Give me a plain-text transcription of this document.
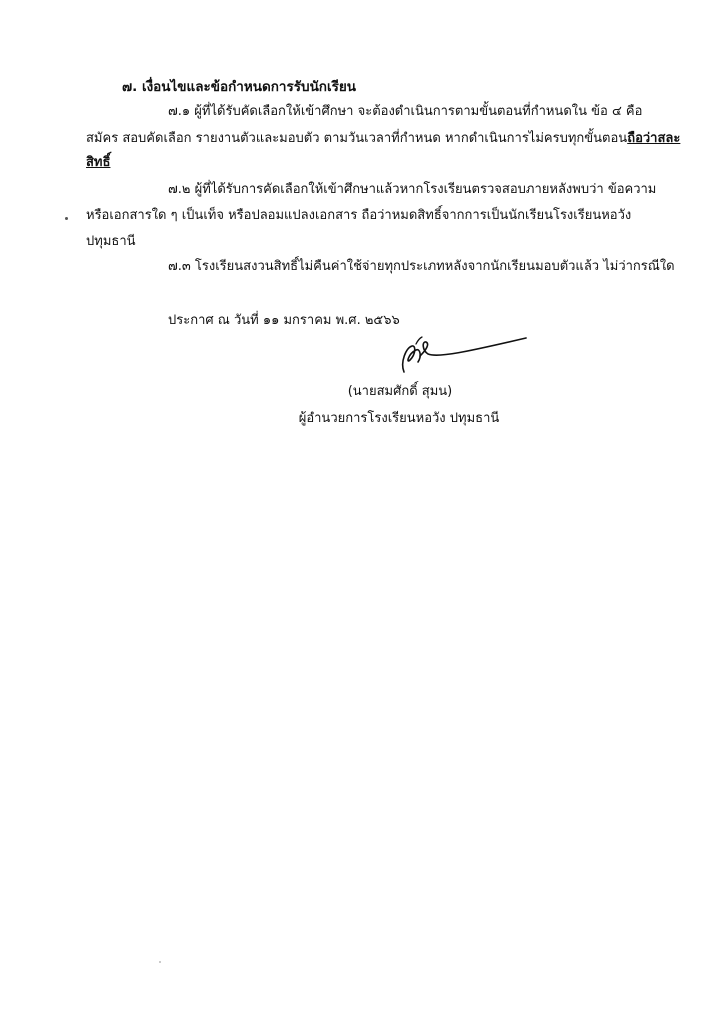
๗. เงื่อนไขและข้อกำหนดการรับนักเรียน
๗.๑ ผู้ที่ได้รับคัดเลือกให้เข้าศึกษา จะต้องดำเนินการตามขั้นตอนที่กำหนดใน ข้อ ๔ คือ
สมัคร สอบคัดเลือก รายงานตัวและมอบตัว ตามวันเวลาที่กำหนด หากดำเนินการไม่ครบทุกขั้นตอนถือว่าสละ
สิทธิ์
๗.๒ ผู้ที่ได้รับการคัดเลือกให้เข้าศึกษาแล้วหากโรงเรียนตรวจสอบภายหลังพบว่า ข้อความ
หรือเอกสารใด ๆ เป็นเท็จ หรือปลอมแปลงเอกสาร ถือว่าหมดสิทธิ์จากการเป็นนักเรียนโรงเรียนหอวัง
ปทุมธานี
๗.๓ โรงเรียนสงวนสิทธิ์ไม่คืนค่าใช้จ่ายทุกประเภทหลังจากนักเรียนมอบตัวแล้ว ไม่ว่ากรณีใด
ประกาศ ณ วันที่ ๑๑ มกราคม พ.ศ. ๒๕๖๖
(นายสมศักดิ์ สุมน)
ผู้อำนวยการโรงเรียนหอวัง ปทุมธานี
